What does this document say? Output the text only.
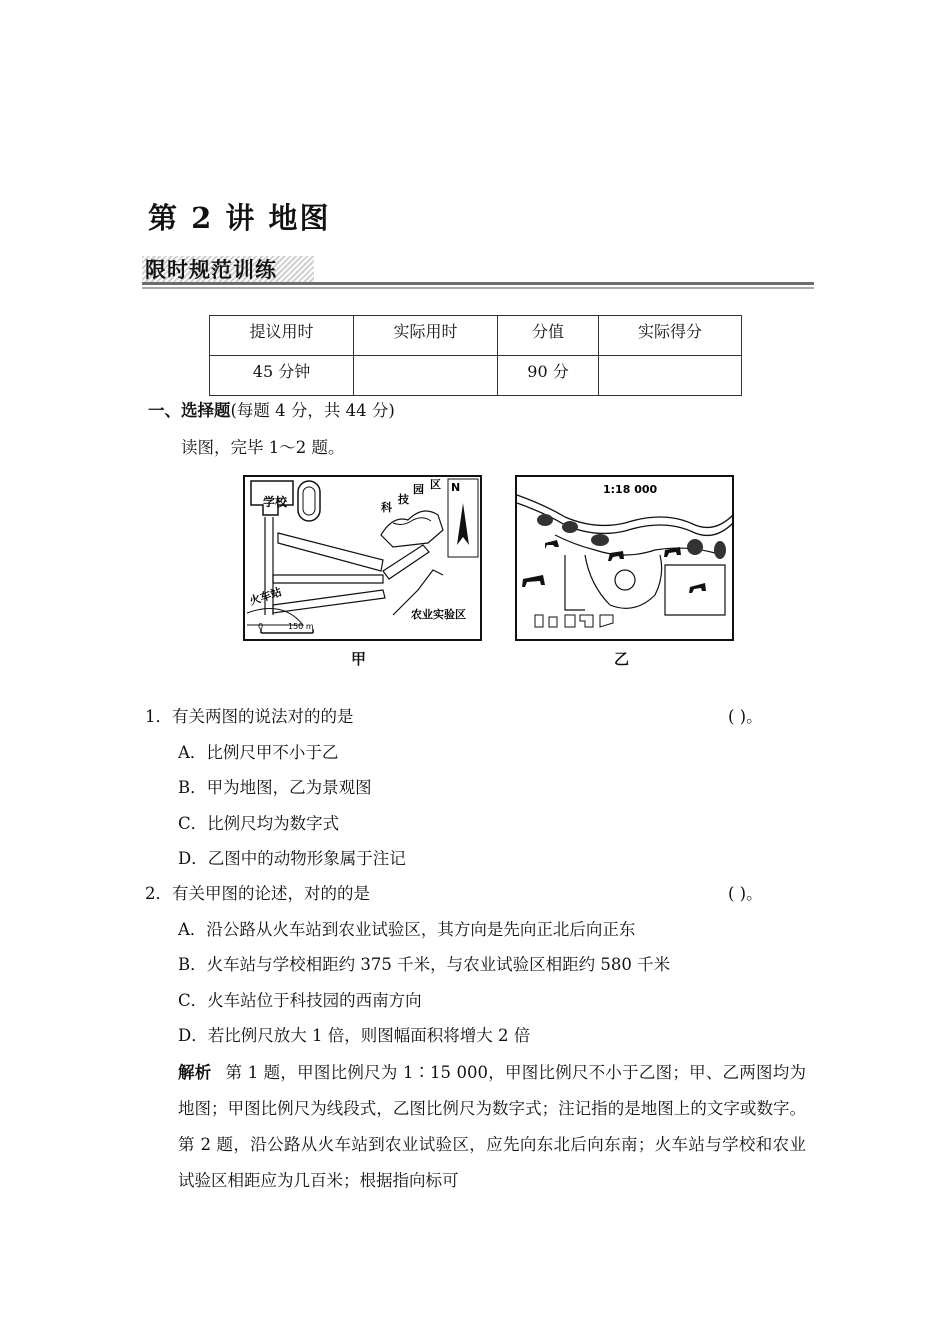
第 2 讲 地图
限时规范训练
提议用时	实际用时	分值	实际得分
45 分钟		90 分	
一、选择题(每题 4 分，共 44 分)
读图，完毕 1～2 题。
0	150 m
学校	科
技
园 区 N
火车站
农业实验区
1:18 000
甲	乙
1．有关两图的说法对的的是	( )。
A．比例尺甲不小于乙
B．甲为地图，乙为景观图
C．比例尺均为数字式
D．乙图中的动物形象属于注记
2．有关甲图的论述，对的的是	( )。
A．沿公路从火车站到农业试验区，其方向是先向正北后向正东
B．火车站与学校相距约 375 千米，与农业试验区相距约 580 千米
C．火车站位于科技园的西南方向
D．若比例尺放大 1 倍，则图幅面积将增大 2 倍
解析 第 1 题，甲图比例尺为 1∶15 000，甲图比例尺不小于乙图；甲、乙两图均为地图；甲图比例尺为线段式，乙图比例尺为数字式；注记指的是地图上的文字或数字。第 2 题，沿公路从火车站到农业试验区，应先向东北后向东南；火车站与学校和农业试验区相距应为几百米；根据指向标可
